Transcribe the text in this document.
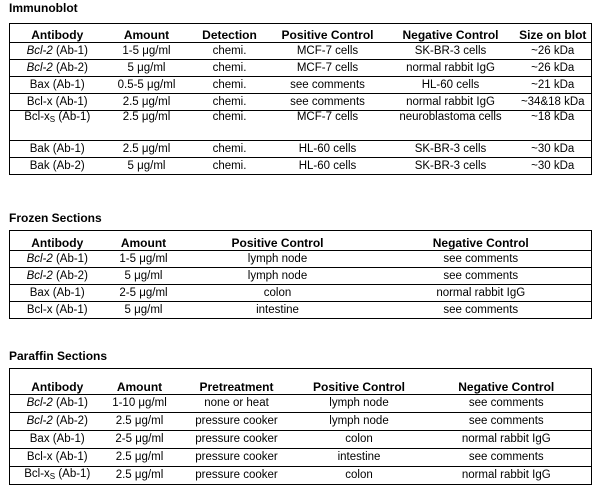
Immunoblot
Antibody	Amount	Detection	Positive Control	Negative Control	Size on blot
Bcl-2 (Ab-1)	1-5 μg/ml	chemi.	MCF-7 cells	SK-BR-3 cells	~26 kDa
Bcl-2 (Ab-2)	5 μg/ml	chemi.	MCF-7 cells	normal rabbit IgG	~26 kDa
Bax (Ab-1)	0.5-5 μg/ml	chemi.	see comments	HL-60 cells	~21 kDa
Bcl-x (Ab-1)	2.5 μg/ml	chemi.	see comments	normal rabbit IgG	~34&18 kDa
Bcl-$x_S$ (Ab-1)	2.5 μg/ml	chemi.	MCF-7 cells	neuroblastoma cells	~18 kDa
Bak (Ab-1)	2.5 μg/ml	chemi.	HL-60 cells	SK-BR-3 cells	~30 kDa
Bak (Ab-2)	5 μg/ml	chemi.	HL-60 cells	SK-BR-3 cells	~30 kDa
Frozen Sections
Antibody	Amount	Positive Control	Negative Control
Bcl-2 (Ab-1)	1-5 μg/ml	lymph node	see comments
Bcl-2 (Ab-2)	5 μg/ml	lymph node	see comments
Bax (Ab-1)	2-5 μg/ml	colon	normal rabbit IgG
Bcl-x (Ab-1)	5 μg/ml	intestine	see comments
Paraffin Sections
Antibody	Amount	Pretreatment	Positive Control	Negative Control
Bcl-2 (Ab-1)	1-10 μg/ml	none or heat	lymph node	see comments
Bcl-2 (Ab-2)	2.5 μg/ml	pressure cooker	lymph node	see comments
Bax (Ab-1)	2-5 μg/ml	pressure cooker	colon	normal rabbit IgG
Bcl-x (Ab-1)	2.5 μg/ml	pressure cooker	intestine	see comments
Bcl-$x_S$ (Ab-1)	2.5 μg/ml	pressure cooker	colon	normal rabbit IgG
